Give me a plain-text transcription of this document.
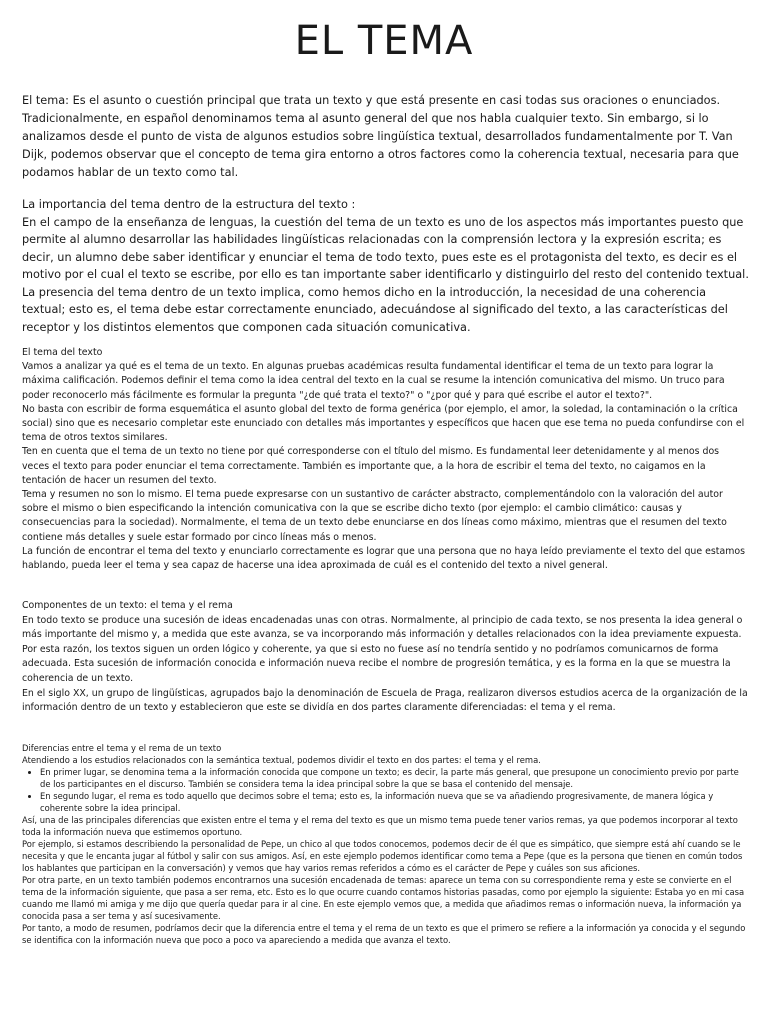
EL TEMA

El tema: Es el asunto o cuestión principal que trata un texto y que está presente en casi todas sus oraciones o enunciados. Tradicionalmente, en español denominamos tema al asunto general del que nos habla cualquier texto. Sin embargo, si lo analizamos desde el punto de vista de algunos estudios sobre lingüística textual, desarrollados fundamentalmente por T. Van Dijk, podemos observar que el concepto de tema gira entorno a otros factores como la coherencia textual, necesaria para que podamos hablar de un texto como tal.

La importancia del tema dentro de la estructura del texto :
En el campo de la enseñanza de lenguas, la cuestión del tema de un texto es uno de los aspectos más importantes puesto que permite al alumno desarrollar las habilidades lingüísticas relacionadas con la comprensión lectora y la expresión escrita; es decir, un alumno debe saber identificar y enunciar el tema de todo texto, pues este es el protagonista del texto, es decir es el motivo por el cual el texto se escribe, por ello es tan importante saber identificarlo y distinguirlo del resto del contenido textual.
La presencia del tema dentro de un texto implica, como hemos dicho en la introducción, la necesidad de una coherencia textual; esto es, el tema debe estar correctamente enunciado, adecuándose al significado del texto, a las características del receptor y los distintos elementos que componen cada situación comunicativa.
El tema del texto
Vamos a analizar ya qué es el tema de un texto. En algunas pruebas académicas resulta fundamental identificar el tema de un texto para lograr la máxima calificación. Podemos definir el tema como la idea central del texto en la cual se resume la intención comunicativa del mismo. Un truco para poder reconocerlo más fácilmente es formular la pregunta "¿de qué trata el texto?" o "¿por qué y para qué escribe el autor el texto?".
No basta con escribir de forma esquemática el asunto global del texto de forma genérica (por ejemplo, el amor, la soledad, la contaminación o la crítica social) sino que es necesario completar este enunciado con detalles más importantes y específicos que hacen que ese tema no pueda confundirse con el tema de otros textos similares.
Ten en cuenta que el tema de un texto no tiene por qué corresponderse con el título del mismo. Es fundamental leer detenidamente y al menos dos veces el texto para poder enunciar el tema correctamente. También es importante que, a la hora de escribir el tema del texto, no caigamos en la tentación de hacer un resumen del texto.
Tema y resumen no son lo mismo. El tema puede expresarse con un sustantivo de carácter abstracto, complementándolo con la valoración del autor sobre el mismo o bien especificando la intención comunicativa con la que se escribe dicho texto (por ejemplo: el cambio climático: causas y consecuencias para la sociedad). Normalmente, el tema de un texto debe enunciarse en dos líneas como máximo, mientras que el resumen del texto contiene más detalles y suele estar formado por cinco líneas más o menos.
La función de encontrar el tema del texto y enunciarlo correctamente es lograr que una persona que no haya leído previamente el texto del que estamos hablando, pueda leer el tema y sea capaz de hacerse una idea aproximada de cuál es el contenido del texto a nivel general.
Componentes de un texto: el tema y el rema
En todo texto se produce una sucesión de ideas encadenadas unas con otras. Normalmente, al principio de cada texto, se nos presenta la idea general o más importante del mismo y, a medida que este avanza, se va incorporando más información y detalles relacionados con la idea previamente expuesta.
Por esta razón, los textos siguen un orden lógico y coherente, ya que si esto no fuese así no tendría sentido y no podríamos comunicarnos de forma adecuada. Esta sucesión de información conocida e información nueva recibe el nombre de progresión temática, y es la forma en la que se muestra la coherencia de un texto.
En el siglo XX, un grupo de lingüísticas, agrupados bajo la denominación de Escuela de Praga, realizaron diversos estudios acerca de la organización de la información dentro de un texto y establecieron que este se dividía en dos partes claramente diferenciadas: el tema y el rema.
Diferencias entre el tema y el rema de un texto
Atendiendo a los estudios relacionados con la semántica textual, podemos dividir el texto en dos partes: el tema y el rema.
• En primer lugar, se denomina tema a la información conocida que compone un texto; es decir, la parte más general, que presupone un conocimiento previo por parte de los participantes en el discurso. También se considera tema la idea principal sobre la que se basa el contenido del mensaje.
• En segundo lugar, el rema es todo aquello que decimos sobre el tema; esto es, la información nueva que se va añadiendo progresivamente, de manera lógica y coherente sobre la idea principal.
Así, una de las principales diferencias que existen entre el tema y el rema del texto es que un mismo tema puede tener varios remas, ya que podemos incorporar al texto toda la información nueva que estimemos oportuno.
Por ejemplo, si estamos describiendo la personalidad de Pepe, un chico al que todos conocemos, podemos decir de él que es simpático, que siempre está ahí cuando se le necesita y que le encanta jugar al fútbol y salir con sus amigos. Así, en este ejemplo podemos identificar como tema a Pepe (que es la persona que tienen en común todos los hablantes que participan en la conversación) y vemos que hay varios remas referidos a cómo es el carácter de Pepe y cuáles son sus aficiones.
Por otra parte, en un texto también podemos encontrarnos una sucesión encadenada de temas: aparece un tema con su correspondiente rema y este se convierte en el tema de la información siguiente, que pasa a ser rema, etc. Esto es lo que ocurre cuando contamos historias pasadas, como por ejemplo la siguiente: Estaba yo en mi casa cuando me llamó mi amiga y me dijo que quería quedar para ir al cine. En este ejemplo vemos que, a medida que añadimos remas o información nueva, la información ya conocida pasa a ser tema y así sucesivamente.
Por tanto, a modo de resumen, podríamos decir que la diferencia entre el tema y el rema de un texto es que el primero se refiere a la información ya conocida y el segundo se identifica con la información nueva que poco a poco va apareciendo a medida que avanza el texto.
